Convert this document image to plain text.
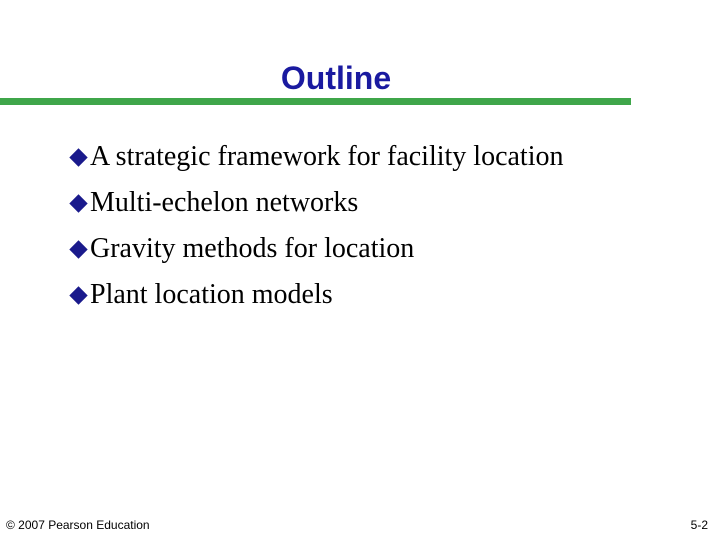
Outline
A strategic framework for facility location
Multi-echelon networks
Gravity methods for location
Plant location models
© 2007 Pearson Education	5-2
